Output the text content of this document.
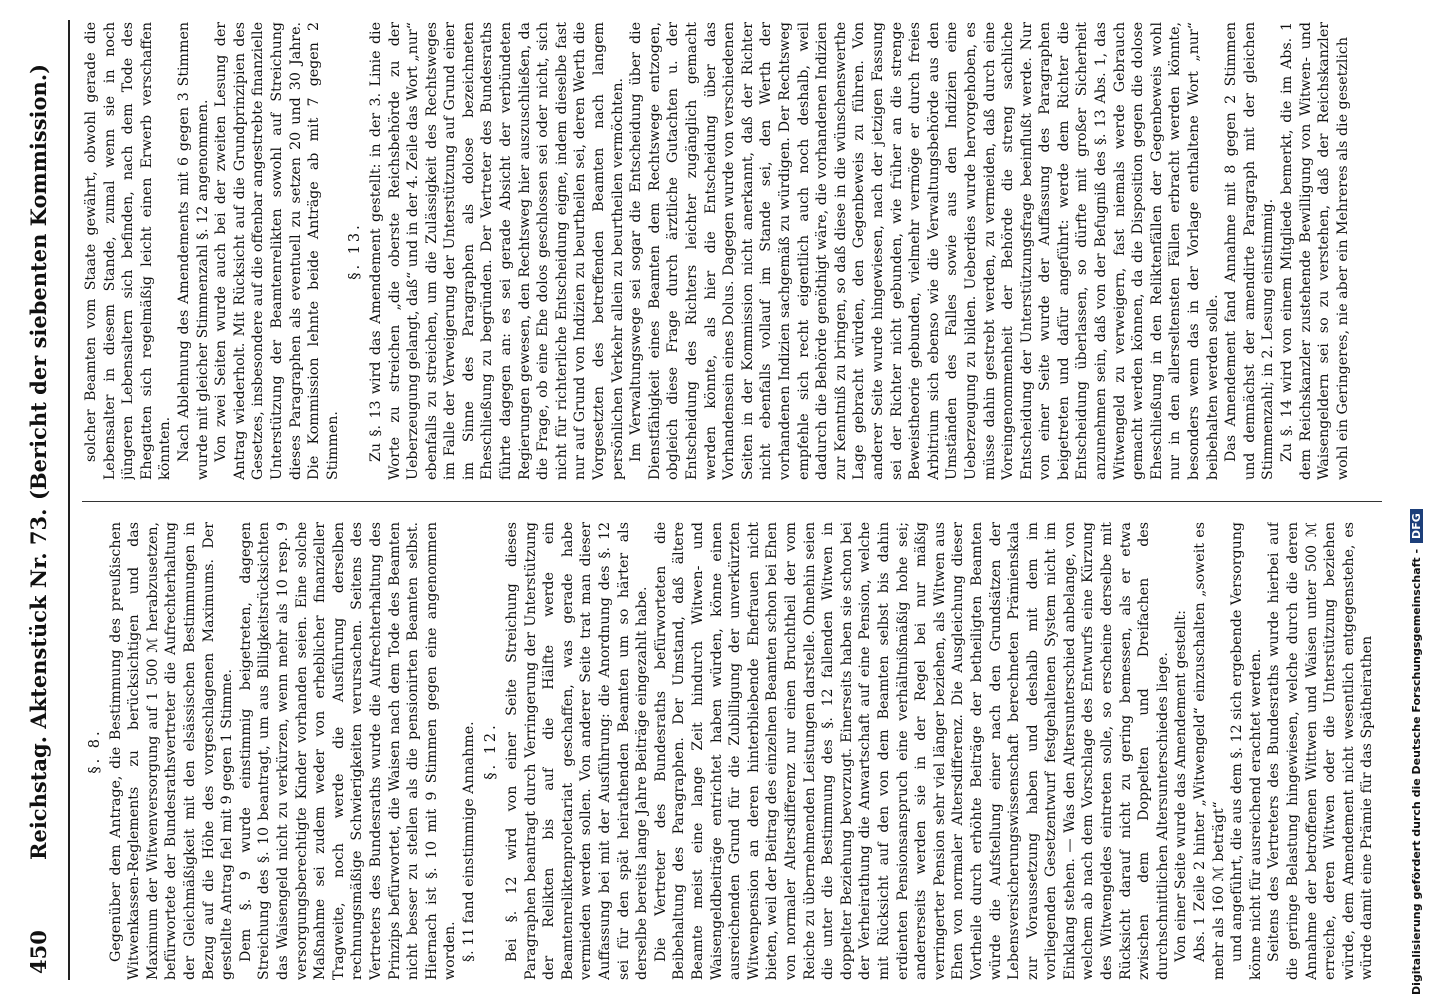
450
Reichstag. Aktenstück Nr. 73.
(Bericht der siebenten Kommission.)
§. 8. Gegenüber dem Antrage, die Bestimmung des preußischen Witwenkassen-Reglements zu berücksichtigen und das Maximum der Witwenversorgung auf 1 500 ℳ herabzusetzen, befürwortete der Bundesrathsvertreter die Aufrechterhaltung der Gleichmäßigkeit mit den elsässischen Bestimmungen in Bezug auf die Höhe des vorgeschlagenen Maximums. Der gestellte Antrag fiel mit 9 gegen 1 Stimme. Dem §. 9 wurde einstimmig beigetreten, dagegen Streichung des §. 10 beantragt, um aus Billigkeitsrücksichten das Waisengeld nicht zu verkürzen, wenn mehr als 10 resp. 9 versorgungsberechtigte Kinder vorhanden seien. Eine solche Maßnahme sei zudem weder von erheblicher finanzieller Tragweite, noch werde die Ausführung derselben rechnungsmäßige Schwierigkeiten verursachen. Seitens des Vertreters des Bundesraths wurde die Aufrechterhaltung des Prinzips befürwortet, die Waisen nach dem Tode des Beamten nicht besser zu stellen als die pensionirten Beamten selbst. Hiernach ist §. 10 mit 9 Stimmen gegen eine angenommen worden. §. 11 fand einstimmige Annahme. §. 12. Bei §. 12 wird von einer Seite Streichung dieses Paragraphen beantragt durch Verringerung der Unterstützung der Relikten bis auf die Hälfte werde ein Beamtenreliktenproletariat geschaffen, was gerade habe vermieden werden sollen. Von anderer Seite trat man dieser Auffassung bei mit der Ausführung: die Anordnung des §. 12 sei für den spät heirathenden Beamten um so härter als derselbe bereits lange Jahre Beiträge eingezahlt habe. Die Vertreter des Bundesraths befürworteten die Beibehaltung des Paragraphen. Der Umstand, daß ältere Beamte meist eine lange Zeit hindurch Witwen- und Waisengeldbeiträge entrichtet haben würden, könne einen ausreichenden Grund für die Zubilligung der unverkürzten Witwenpension an deren hinterbliebende Ehefrauen nicht bieten, weil der Beitrag des einzelnen Beamten schon bei Ehen von normaler Altersdifferenz nur einen Bruchtheil der vom Reiche zu übernehmenden Leistungen darstelle. Ohnehin seien die unter die Bestimmung des §. 12 fallenden Witwen in doppelter Beziehung bevorzugt. Einerseits haben sie schon bei der Verheirathung die Anwartschaft auf eine Pension, welche mit Rücksicht auf den von dem Beamten selbst bis dahin erdienten Pensionsanspruch eine verhältnißmäßig hohe sei; andererseits werden sie in der Regel bei nur mäßig verringerter Pension sehr viel länger beziehen, als Witwen aus Ehen von normaler Altersdifferenz. Die Ausgleichung dieser Vortheile durch erhöhte Beiträge der betheiligten Beamten würde die Aufstellung einer nach den Grundsätzen der Lebensversicherungswissenschaft berechneten Prämienskala zur Voraussetzung haben und deshalb mit dem im vorliegenden Gesetzentwurf festgehaltenen System nicht im Einklang stehen. — Was den Altersunterschied anbelange, von welchem ab nach dem Vorschlage des Entwurfs eine Kürzung des Witwengeldes eintreten solle, so erscheine derselbe mit Rücksicht darauf nicht zu gering bemessen, als er etwa zwischen dem Doppelten und Dreifachen des durchschnittlichen Altersunterschiedes liege. Von einer Seite wurde das Amendement gestellt: Abs. 1 Zeile 2 hinter „Witwengeld“ einzuschalten „soweit es mehr als 160 ℳ beträgt“ und angeführt, die aus dem §. 12 sich ergebende Versorgung könne nicht für ausreichend erachtet werden. Seitens des Vertreters des Bundesraths wurde hierbei auf die geringe Belastung hingewiesen, welche durch die deren Annahme der betroffenen Wittwen und Waisen unter 500 ℳ erreiche, deren Witwen oder die Unterstützung beziehen würde, dem Amendement nicht wesentlich entgegenstehe, es würde damit eine Prämie für das Spätheirathen

solcher Beamten vom Staate gewährt, obwohl gerade die Lebensalter in diesem Stande, zumal wenn sie in noch jüngeren Lebensaltern sich befinden, nach dem Tode des Ehegatten sich regelmäßig leicht einen Erwerb verschaffen könnten. Nach Ablehnung des Amendements mit 6 gegen 3 Stimmen wurde mit gleicher Stimmenzahl §. 12 angenommen. Von zwei Seiten wurde auch bei der zweiten Lesung der Antrag wiederholt. Mit Rücksicht auf die Grundprinzipien des Gesetzes, insbesondere auf die offenbar angestrebte finanzielle Unterstützung der Beamtenrelikten sowohl auf Streichung dieses Paragraphen als eventuell zu setzen 20 und 30 Jahre. Die Kommission lehnte beide Anträge ab mit 7 gegen 2 Stimmen.

§. 13. Zu §. 13 wird das Amendement gestellt: in der 3. Linie die Worte zu streichen „die oberste Reichsbehörde zu der Ueberzeugung gelangt, daß“ und in der 4. Zeile das Wort „nur“ ebenfalls zu streichen, um die Zulässigkeit des Rechtsweges im Falle der Verweigerung der Unterstützung auf Grund einer im Sinne des Paragraphen als dolose bezeichneten Eheschließung zu begründen. Der Vertreter des Bundesraths führte dagegen an: es sei gerade Absicht der verbündeten Regierungen gewesen, den Rechtsweg hier auszuschließen, da die Frage, ob eine Ehe dolos geschlossen sei oder nicht, sich nicht für richterliche Entscheidung eigne, indem dieselbe fast nur auf Grund von Indizien zu beurtheilen sei, deren Werth die Vorgesetzten des betreffenden Beamten nach langem persönlichen Verkehr allein zu beurtheilen vermöchten. Im Verwaltungswege sei sogar die Entscheidung über die Dienstfähigkeit eines Beamten dem Rechtswege entzogen, obgleich diese Frage durch ärztliche Gutachten u. der Entscheidung des Richters leichter zugänglich gemacht werden könnte, als hier die Entscheidung über das Vorhandensein eines Dolus. Dagegen wurde von verschiedenen Seiten in der Kommission nicht anerkannt, daß der Richter nicht ebenfalls vollauf im Stande sei, den Werth der vorhandenen Indizien sachgemäß zu würdigen. Der Rechtsweg empfehle sich recht eigentlich auch noch deshalb, weil dadurch die Behörde genöthigt wäre, die vorhandenen Indizien zur Kenntniß zu bringen, so daß diese in die wünschenswerthe Lage gebracht würden, den Gegenbeweis zu führen. Von anderer Seite wurde hingewiesen, nach der jetzigen Fassung sei der Richter nicht gebunden, wie früher an die strenge Beweistheorie gebunden, vielmehr vermöge er durch freies Arbitrium sich ebenso wie die Verwaltungsbehörde aus den Umständen des Falles sowie aus den Indizien eine Ueberzeugung zu bilden. Ueberdies wurde hervorgehoben, es müsse dahin gestrebt werden, zu vermeiden, daß durch eine Voreingenommenheit der Behörde die streng sachliche Entscheidung der Unterstützungsfrage beeinflußt werde. Nur von einer Seite wurde der Auffassung des Paragraphen beigetreten und dafür angeführt: werde dem Richter die Entscheidung überlassen, so dürfte mit großer Sicherheit anzunehmen sein, daß von der Befugniß des §. 13 Abs. 1, das Witwengeld zu verweigern, fast niemals werde Gebrauch gemacht werden können, da die Disposition gegen die dolose Eheschließung in den Reliktenfällen der Gegenbeweis wohl nur in den allerseltensten Fällen erbracht werden könnte, besonders wenn das in der Vorlage enthaltene Wort „nur“ beibehalten werden solle. Das Amendement fand Annahme mit 8 gegen 2 Stimmen und demnächst der amendirte Paragraph mit der gleichen Stimmenzahl; in 2. Lesung einstimmig. Zu §. 14 wird von einem Mitgliede bemerkt, die im Abs. 1 dem Reichskanzler zustehende Bewilligung von Witwen- und Waisengeldern sei so zu verstehen, daß der Reichskanzler wohl ein Geringeres, nie aber ein Mehreres als die gesetzlich

Digitalisierung gefördert durch die Deutsche Forschungsgemeinschaft -DFG
